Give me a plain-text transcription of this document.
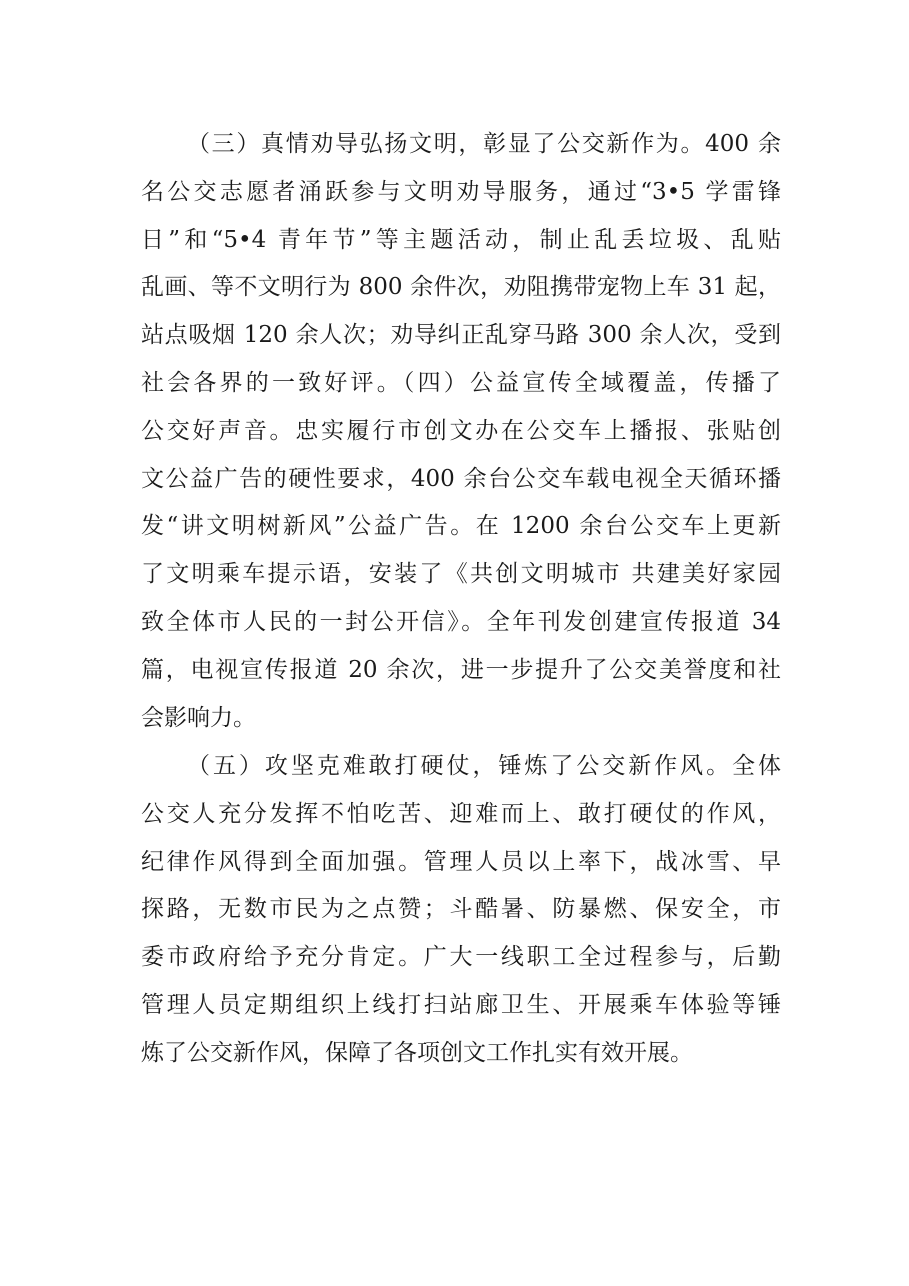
（三）真情劝导弘扬文明，彰显了公交新作为。400 余
名公交志愿者涌跃参与文明劝导服务，通过“3•5 学雷锋
日”和“5•4 青年节”等主题活动，制止乱丢垃圾、乱贴
乱画、等不文明行为 800 余件次，劝阻携带宠物上车 31 起，
站点吸烟 120 余人次；劝导纠正乱穿马路 300 余人次，受到
社会各界的一致好评。（四）公益宣传全域覆盖，传播了
公交好声音。忠实履行市创文办在公交车上播报、张贴创
文公益广告的硬性要求，400 余台公交车载电视全天循环播
发“讲文明树新风”公益广告。在 1200 余台公交车上更新
了文明乘车提示语，安装了《共创文明城市 共建美好家园
致全体市人民的一封公开信》。全年刊发创建宣传报道 34
篇，电视宣传报道 20 余次，进一步提升了公交美誉度和社
会影响力。
（五）攻坚克难敢打硬仗，锤炼了公交新作风。全体
公交人充分发挥不怕吃苦、迎难而上、敢打硬仗的作风，
纪律作风得到全面加强。管理人员以上率下，战冰雪、早
探路，无数市民为之点赞；斗酷暑、防暴燃、保安全，市
委市政府给予充分肯定。广大一线职工全过程参与，后勤
管理人员定期组织上线打扫站廊卫生、开展乘车体验等锤
炼了公交新作风，保障了各项创文工作扎实有效开展。
